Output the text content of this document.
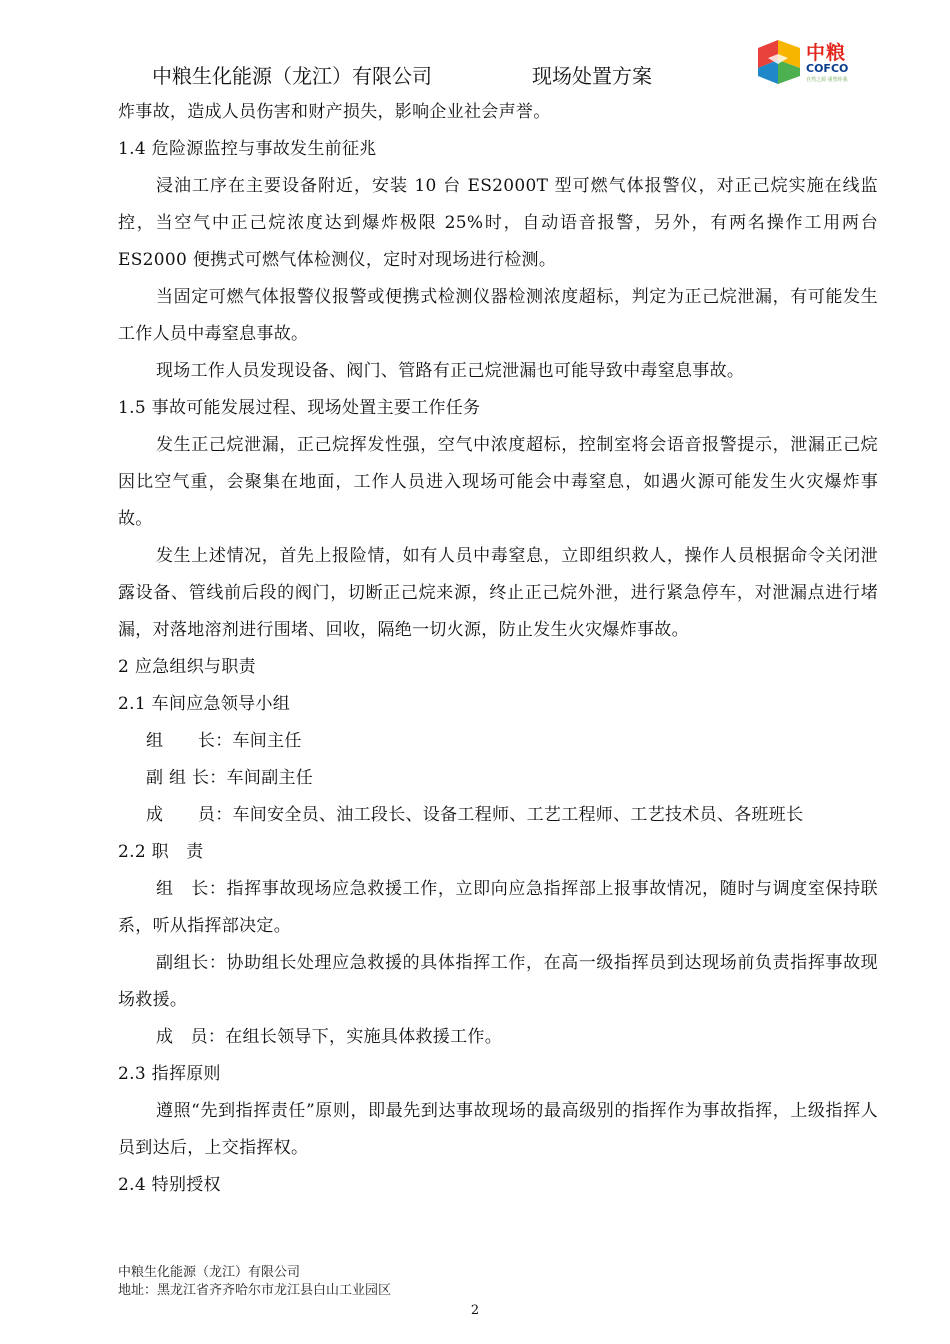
中粮生化能源（龙江）有限公司	现场处置方案
中粮
COFCO
自然之源 重塑你我

炸事故，造成人员伤害和财产损失，影响企业社会声誉。

1.4 危险源监控与事故发生前征兆

浸油工序在主要设备附近，安装 10 台 ES2000T 型可燃气体报警仪，对正己烷实施在线监控，当空气中正己烷浓度达到爆炸极限 25%时，自动语音报警，另外，有两名操作工用两台 ES2000 便携式可燃气体检测仪，定时对现场进行检测。

当固定可燃气体报警仪报警或便携式检测仪器检测浓度超标，判定为正己烷泄漏，有可能发生工作人员中毒窒息事故。

现场工作人员发现设备、阀门、管路有正己烷泄漏也可能导致中毒窒息事故。

1.5 事故可能发展过程、现场处置主要工作任务

发生正己烷泄漏，正己烷挥发性强，空气中浓度超标，控制室将会语音报警提示，泄漏正己烷因比空气重，会聚集在地面，工作人员进入现场可能会中毒窒息，如遇火源可能发生火灾爆炸事故。

发生上述情况，首先上报险情，如有人员中毒窒息，立即组织救人，操作人员根据命令关闭泄露设备、管线前后段的阀门，切断正己烷来源，终止正己烷外泄，进行紧急停车，对泄漏点进行堵漏，对落地溶剂进行围堵、回收，隔绝一切火源，防止发生火灾爆炸事故。

2 应急组织与职责

2.1 车间应急领导小组

组　　长：车间主任

副 组 长：车间副主任

成　　员：车间安全员、油工段长、设备工程师、工艺工程师、工艺技术员、各班班长

2.2 职　责

组　长：指挥事故现场应急救援工作，立即向应急指挥部上报事故情况，随时与调度室保持联系，听从指挥部决定。

副组长：协助组长处理应急救援的具体指挥工作，在高一级指挥员到达现场前负责指挥事故现场救援。

成　员：在组长领导下，实施具体救援工作。

2.3 指挥原则

遵照“先到指挥责任”原则，即最先到达事故现场的最高级别的指挥作为事故指挥，上级指挥人员到达后，上交指挥权。

2.4 特别授权

中粮生化能源（龙江）有限公司
地址：黑龙江省齐齐哈尔市龙江县白山工业园区
2
